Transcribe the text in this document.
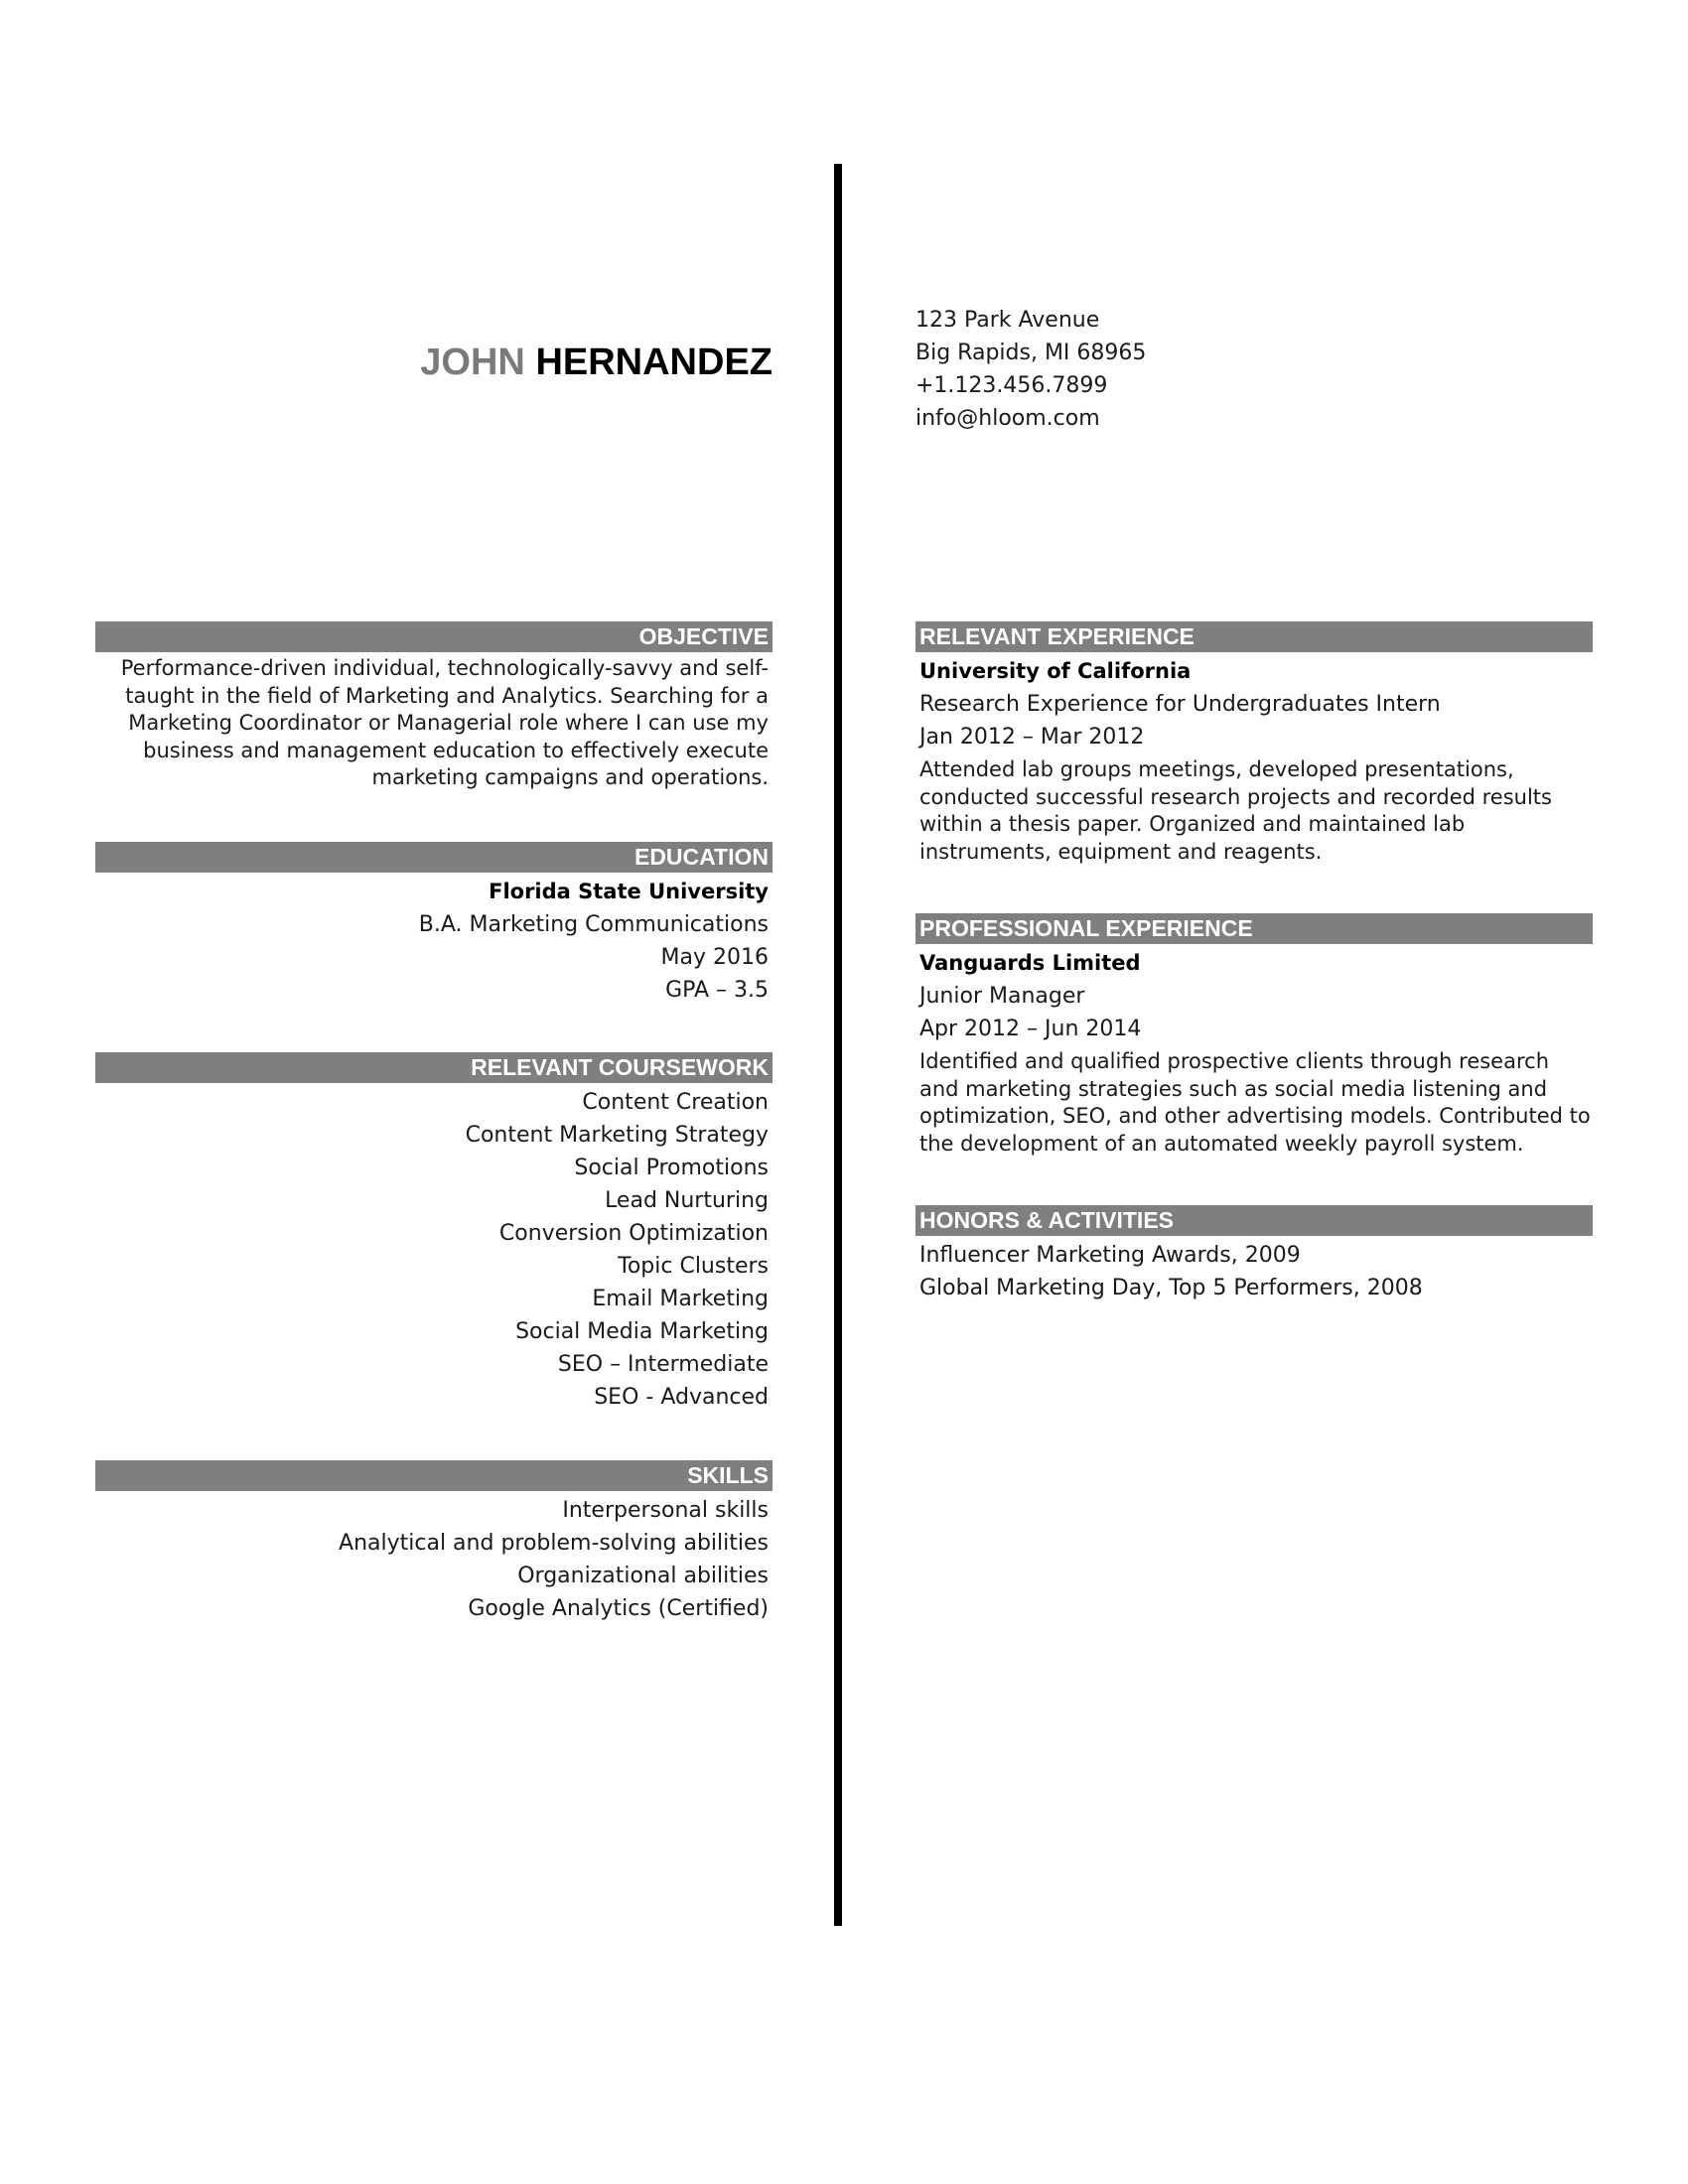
JOHN HERNANDEZ
123 Park Avenue
Big Rapids, MI 68965
+1.123.456.7899
info@hloom.com
OBJECTIVE
Performance-driven individual, technologically-savvy and self-taught in the field of Marketing and Analytics. Searching for a Marketing Coordinator or Managerial role where I can use my business and management education to effectively execute marketing campaigns and operations.
EDUCATION
Florida State University
B.A. Marketing Communications
May 2016
GPA – 3.5
RELEVANT COURSEWORK
Content Creation
Content Marketing Strategy
Social Promotions
Lead Nurturing
Conversion Optimization
Topic Clusters
Email Marketing
Social Media Marketing
SEO – Intermediate
SEO - Advanced
SKILLS
Interpersonal skills
Analytical and problem-solving abilities
Organizational abilities
Google Analytics (Certified)
RELEVANT EXPERIENCE
University of California
Research Experience for Undergraduates Intern
Jan 2012 – Mar 2012
Attended lab groups meetings, developed presentations, conducted successful research projects and recorded results within a thesis paper. Organized and maintained lab instruments, equipment and reagents.
PROFESSIONAL EXPERIENCE
Vanguards Limited
Junior Manager
Apr 2012 – Jun 2014
Identified and qualified prospective clients through research and marketing strategies such as social media listening and optimization, SEO, and other advertising models. Contributed to the development of an automated weekly payroll system.
HONORS & ACTIVITIES
Influencer Marketing Awards, 2009
Global Marketing Day, Top 5 Performers, 2008
